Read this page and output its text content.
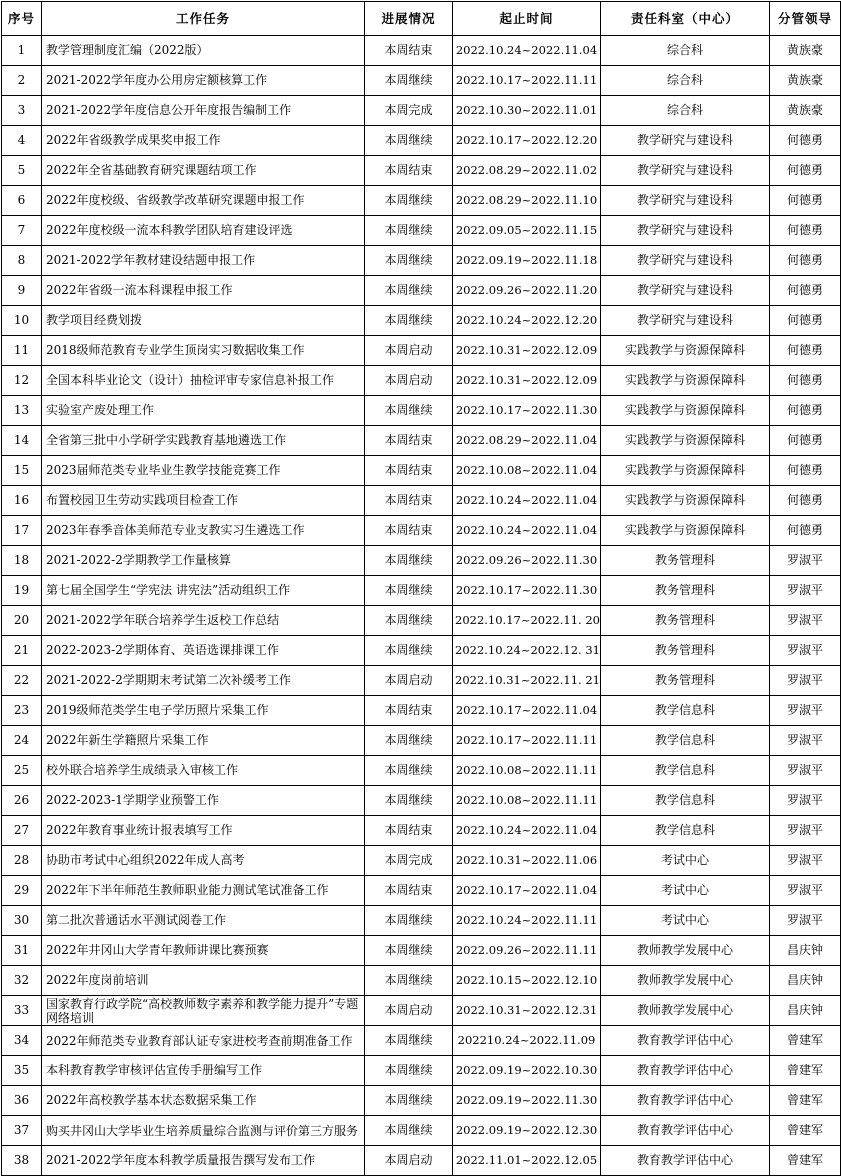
序号	工作任务	进展情况	起止时间	责任科室（中心）	分管领导
1	教学管理制度汇编（2022版）	本周结束	2022.10.24~2022.11.04	综合科	黄族豪
2	2021-2022学年度办公用房定额核算工作	本周继续	2022.10.17~2022.11.11	综合科	黄族豪
3	2021-2022学年度信息公开年度报告编制工作	本周完成	2022.10.30~2022.11.01	综合科	黄族豪
4	2022年省级教学成果奖申报工作	本周继续	2022.10.17~2022.12.20	教学研究与建设科	何德勇
5	2022年全省基础教育研究课题结项工作	本周结束	2022.08.29~2022.11.02	教学研究与建设科	何德勇
6	2022年度校级、省级教学改革研究课题申报工作	本周继续	2022.08.29~2022.11.10	教学研究与建设科	何德勇
7	2022年度校级一流本科教学团队培育建设评选	本周继续	2022.09.05~2022.11.15	教学研究与建设科	何德勇
8	2021-2022学年教材建设结题申报工作	本周继续	2022.09.19~2022.11.18	教学研究与建设科	何德勇
9	2022年省级一流本科课程申报工作	本周继续	2022.09.26~2022.11.20	教学研究与建设科	何德勇
10	教学项目经费划拨	本周继续	2022.10.24~2022.12.20	教学研究与建设科	何德勇
11	2018级师范教育专业学生顶岗实习数据收集工作	本周启动	2022.10.31~2022.12.09	实践教学与资源保障科	何德勇
12	全国本科毕业论文（设计）抽检评审专家信息补报工作	本周启动	2022.10.31~2022.12.09	实践教学与资源保障科	何德勇
13	实验室产废处理工作	本周继续	2022.10.17~2022.11.30	实践教学与资源保障科	何德勇
14	全省第三批中小学研学实践教育基地遴选工作	本周结束	2022.08.29~2022.11.04	实践教学与资源保障科	何德勇
15	2023届师范类专业毕业生教学技能竞赛工作	本周结束	2022.10.08~2022.11.04	实践教学与资源保障科	何德勇
16	布置校园卫生劳动实践项目检查工作	本周结束	2022.10.24~2022.11.04	实践教学与资源保障科	何德勇
17	2023年春季音体美师范专业支教实习生遴选工作	本周结束	2022.10.24~2022.11.04	实践教学与资源保障科	何德勇
18	2021-2022-2学期教学工作量核算	本周继续	2022.09.26~2022.11.30	教务管理科	罗淑平
19	第七届全国学生“学宪法 讲宪法”活动组织工作	本周继续	2022.10.17~2022.11.30	教务管理科	罗淑平
20	2021-2022学年联合培养学生返校工作总结	本周继续	2022.10.17~2022.11. 20	教务管理科	罗淑平
21	2022-2023-2学期体育、英语选课排课工作	本周继续	2022.10.24~2022.12. 31	教务管理科	罗淑平
22	2021-2022-2学期期末考试第二次补缓考工作	本周启动	2022.10.31~2022.11. 21	教务管理科	罗淑平
23	2019级师范类学生电子学历照片采集工作	本周结束	2022.10.17~2022.11.04	教学信息科	罗淑平
24	2022年新生学籍照片采集工作	本周继续	2022.10.17~2022.11.11	教学信息科	罗淑平
25	校外联合培养学生成绩录入审核工作	本周继续	2022.10.08~2022.11.11	教学信息科	罗淑平
26	2022-2023-1学期学业预警工作	本周继续	2022.10.08~2022.11.11	教学信息科	罗淑平
27	2022年教育事业统计报表填写工作	本周结束	2022.10.24~2022.11.04	教学信息科	罗淑平
28	协助市考试中心组织2022年成人高考	本周完成	2022.10.31~2022.11.06	考试中心	罗淑平
29	2022年下半年师范生教师职业能力测试笔试准备工作	本周结束	2022.10.17~2022.11.04	考试中心	罗淑平
30	第二批次普通话水平测试阅卷工作	本周继续	2022.10.24~2022.11.11	考试中心	罗淑平
31	2022年井冈山大学青年教师讲课比赛预赛	本周继续	2022.09.26~2022.11.11	教师教学发展中心	昌庆钟
32	2022年度岗前培训	本周继续	2022.10.15~2022.12.10	教师教学发展中心	昌庆钟
33	国家教育行政学院“高校教师数字素养和教学能力提升”专题网络培训	本周启动	2022.10.31~2022.12.31	教师教学发展中心	昌庆钟
34	2022年师范类专业教育部认证专家进校考查前期准备工作	本周继续	202210.24~2022.11.09	教育教学评估中心	曾建军
35	本科教育教学审核评估宣传手册编写工作	本周继续	2022.09.19~2022.10.30	教育教学评估中心	曾建军
36	2022年高校教学基本状态数据采集工作	本周继续	2022.09.19~2022.11.30	教育教学评估中心	曾建军
37	购买井冈山大学毕业生培养质量综合监测与评价第三方服务	本周继续	2022.09.19~2022.12.30	教育教学评估中心	曾建军
38	2021-2022学年度本科教学质量报告撰写发布工作	本周启动	2022.11.01~2022.12.05	教育教学评估中心	曾建军
